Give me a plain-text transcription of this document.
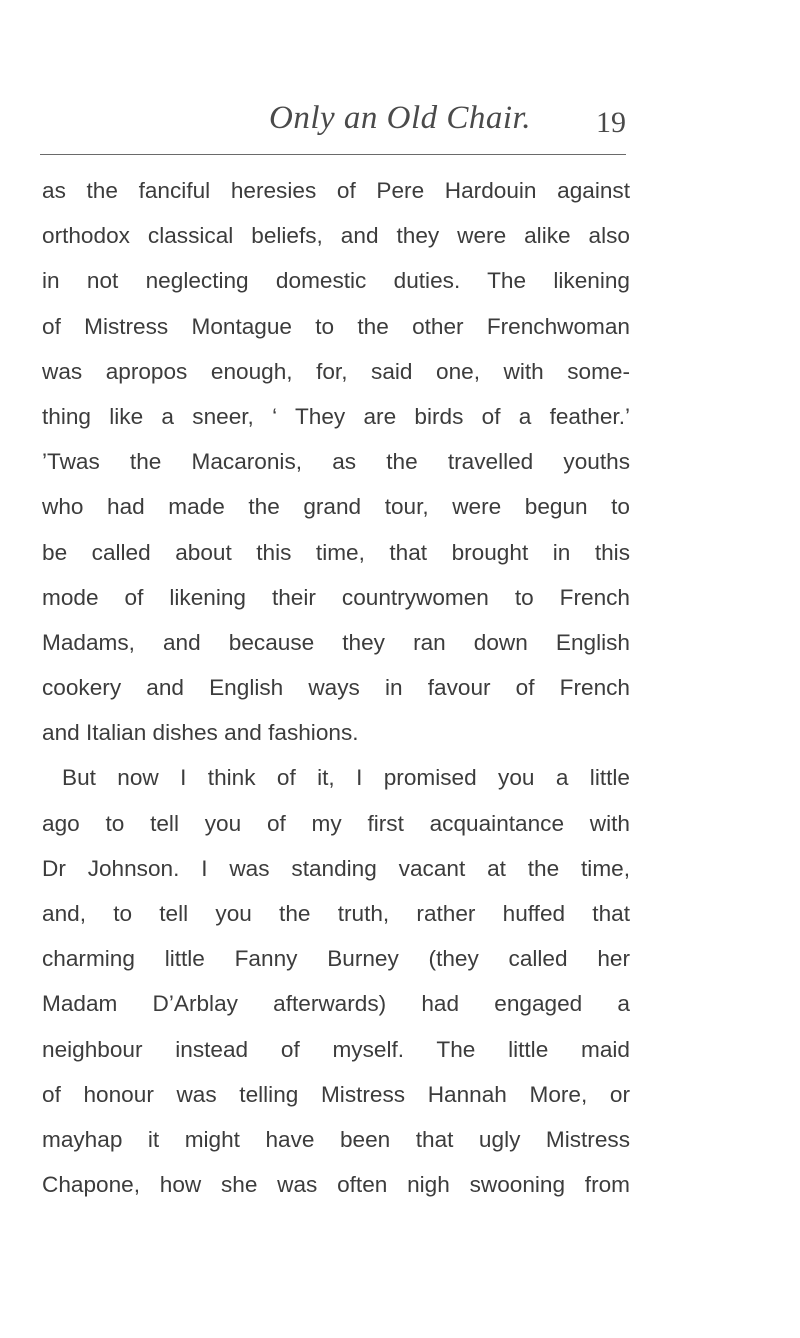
Only an Old Chair.	19
as the fanciful heresies of Pere Hardouin against
orthodox classical beliefs, and they were alike also
in not neglecting domestic duties. The likening
of Mistress Montague to the other Frenchwoman
was apropos enough, for, said one, with some-
thing like a sneer, ‘ They are birds of a feather.’
’Twas the Macaronis, as the travelled youths
who had made the grand tour, were begun to
be called about this time, that brought in this
mode of likening their countrywomen to French
Madams, and because they ran down English
cookery and English ways in favour of French
and Italian dishes and fashions.
But now I think of it, I promised you a little
ago to tell you of my first acquaintance with
Dr Johnson. I was standing vacant at the time,
and, to tell you the truth, rather huffed that
charming little Fanny Burney (they called her
Madam D’Arblay afterwards) had engaged a
neighbour instead of myself. The little maid
of honour was telling Mistress Hannah More, or
mayhap it might have been that ugly Mistress
Chapone, how she was often nigh swooning from
